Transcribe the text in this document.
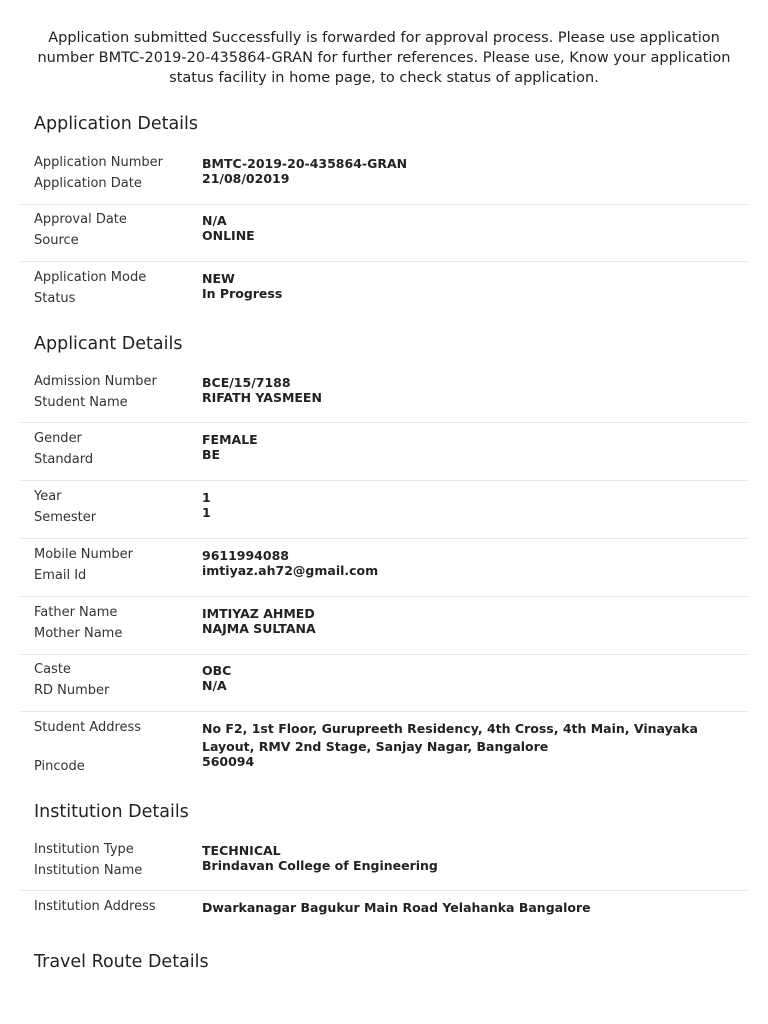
Application submitted Successfully is forwarded for approval process. Please use application number BMTC-2019-20-435864-GRAN for further references. Please use, Know your application status facility in home page, to check status of application.
Application Details
Application Number	BMTC-2019-20-435864-GRAN
Application Date	21/08/02019
Approval Date	N/A
Source	ONLINE
Application Mode	NEW
Status	In Progress
Applicant Details
Admission Number	BCE/15/7188
Student Name	RIFATH YASMEEN
Gender	FEMALE
Standard	BE
Year	1
Semester	1
Mobile Number	9611994088
Email Id	imtiyaz.ah72@gmail.com
Father Name	IMTIYAZ AHMED
Mother Name	NAJMA SULTANA
Caste	OBC
RD Number	N/A
Student Address	No F2, 1st Floor, Gurupreeth Residency, 4th Cross, 4th Main, Vinayaka Layout, RMV 2nd Stage, Sanjay Nagar, Bangalore
Pincode	560094
Institution Details
Institution Type	TECHNICAL
Institution Name	Brindavan College of Engineering
Institution Address	Dwarkanagar Bagukur Main Road Yelahanka Bangalore
Travel Route Details
